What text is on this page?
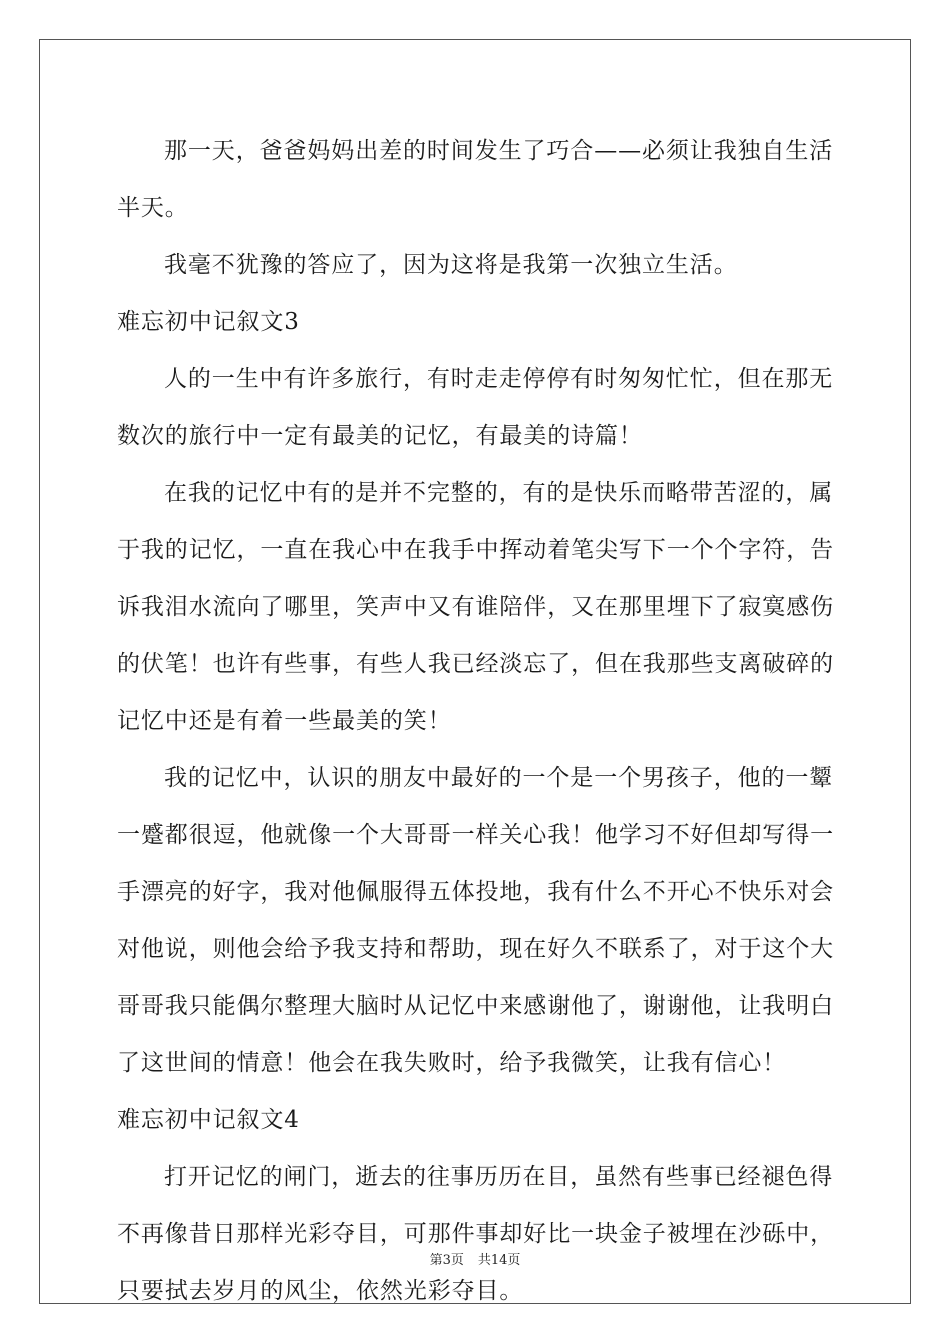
那一天，爸爸妈妈出差的时间发生了巧合——必须让我独自生活
半天。
我毫不犹豫的答应了，因为这将是我第一次独立生活。
难忘初中记叙文3
人的一生中有许多旅行，有时走走停停有时匆匆忙忙，但在那无
数次的旅行中一定有最美的记忆，有最美的诗篇！
在我的记忆中有的是并不完整的，有的是快乐而略带苦涩的，属
于我的记忆，一直在我心中在我手中挥动着笔尖写下一个个字符，告
诉我泪水流向了哪里，笑声中又有谁陪伴，又在那里埋下了寂寞感伤
的伏笔！也许有些事，有些人我已经淡忘了，但在我那些支离破碎的
记忆中还是有着一些最美的笑！
我的记忆中，认识的朋友中最好的一个是一个男孩子，他的一颦
一蹙都很逗，他就像一个大哥哥一样关心我！他学习不好但却写得一
手漂亮的好字，我对他佩服得五体投地，我有什么不开心不快乐对会
对他说，则他会给予我支持和帮助，现在好久不联系了，对于这个大
哥哥我只能偶尔整理大脑时从记忆中来感谢他了，谢谢他，让我明白
了这世间的情意！他会在我失败时，给予我微笑，让我有信心！
难忘初中记叙文4
打开记忆的闸门，逝去的往事历历在目，虽然有些事已经褪色得
不再像昔日那样光彩夺目，可那件事却好比一块金子被埋在沙砾中，
只要拭去岁月的风尘，依然光彩夺目。
第3页 共14页
